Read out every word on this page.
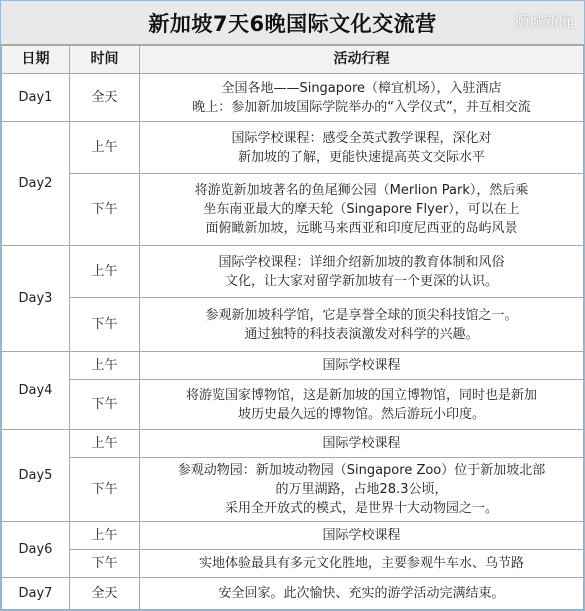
新加坡7天6晚国际文化交流营	狮城新闻
日期	时间	活动行程
Day1	全天	全国各地——Singapore（樟宜机场），入驻酒店
晚上：参加新加坡国际学院举办的“入学仪式”，并互相交流

Day2	上午	国际学校课程：感受全英式教学课程，深化对
新加坡的了解，更能快速提高英文交际水平

	下午	将游览新加坡著名的鱼尾狮公园（Merlion Park），然后乘
坐东南亚最大的摩天轮（Singapore Flyer），可以在上
面俯瞰新加坡，远眺马来西亚和印度尼西亚的岛屿风景

Day3	上午	国际学校课程：详细介绍新加坡的教育体制和风俗
文化，让大家对留学新加坡有一个更深的认识。

	下午	参观新加坡科学馆，它是享誉全球的顶尖科技馆之一。
通过独特的科技表演激发对科学的兴趣。

Day4	上午	国际学校课程

	下午	将游览国家博物馆，这是新加坡的国立博物馆，同时也是新加
坡历史最久远的博物馆。然后游玩小印度。

Day5	上午	国际学校课程

	下午	参观动物园：新加坡动物园（Singapore Zoo）位于新加坡北部
的万里湖路，占地28.3公顷，
采用全开放式的模式，是世界十大动物园之一。

Day6	上午	国际学校课程

	下午	实地体验最具有多元文化胜地，主要参观牛车水、乌节路

Day7	全天	安全回家。此次愉快、充实的游学活动完满结束。
